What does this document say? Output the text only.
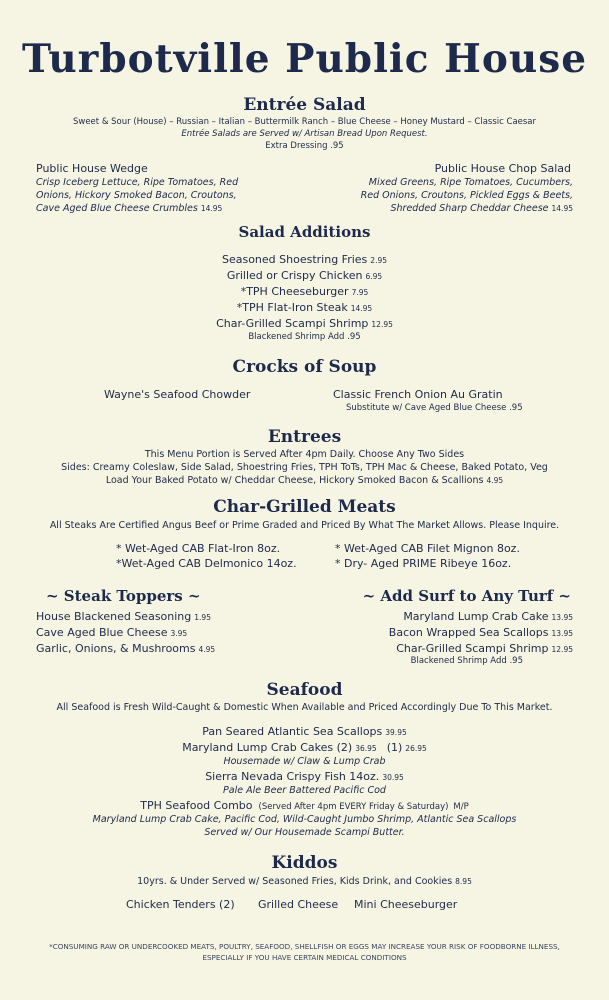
Turbotville Public House
Entrée Salad
Sweet & Sour (House) – Russian – Italian – Buttermilk Ranch – Blue Cheese – Honey Mustard – Classic Caesar
Entrée Salads are Served w/ Artisan Bread Upon Request.
Extra Dressing .95
Public House Wedge
Crisp Iceberg Lettuce, Ripe Tomatoes, Red
Onions, Hickory Smoked Bacon, Croutons,
Cave Aged Blue Cheese Crumbles 14.95
Public House Chop Salad
Mixed Greens, Ripe Tomatoes, Cucumbers,
Red Onions, Croutons, Pickled Eggs & Beets,
Shredded Sharp Cheddar Cheese 14.95
Salad Additions
Seasoned Shoestring Fries 2.95
Grilled or Crispy Chicken 6.95
*TPH Cheeseburger 7.95
*TPH Flat-Iron Steak 14.95
Char-Grilled Scampi Shrimp 12.95
Blackened Shrimp Add .95
Crocks of Soup
Wayne's Seafood Chowder	Classic French Onion Au Gratin
Substitute w/ Cave Aged Blue Cheese .95
Entrees
This Menu Portion is Served After 4pm Daily. Choose Any Two Sides
Sides: Creamy Coleslaw, Side Salad, Shoestring Fries, TPH ToTs, TPH Mac & Cheese, Baked Potato, Veg
Load Your Baked Potato w/ Cheddar Cheese, Hickory Smoked Bacon & Scallions 4.95
Char-Grilled Meats
All Steaks Are Certified Angus Beef or Prime Graded and Priced By What The Market Allows. Please Inquire.
* Wet-Aged CAB Flat-Iron 8oz.
*Wet-Aged CAB Delmonico 14oz.
* Wet-Aged CAB Filet Mignon 8oz.
* Dry- Aged PRIME Ribeye 16oz.
~ Steak Toppers ~
House Blackened Seasoning 1.95
Cave Aged Blue Cheese 3.95
Garlic, Onions, & Mushrooms 4.95
~ Add Surf to Any Turf ~
Maryland Lump Crab Cake 13.95
Bacon Wrapped Sea Scallops 13.95
Char-Grilled Scampi Shrimp 12.95
Blackened Shrimp Add .95
Seafood
All Seafood is Fresh Wild-Caught & Domestic When Available and Priced Accordingly Due To This Market.
Pan Seared Atlantic Sea Scallops 39.95
Maryland Lump Crab Cakes (2) 36.95 (1) 26.95
Housemade w/ Claw & Lump Crab
Sierra Nevada Crispy Fish 14oz. 30.95
Pale Ale Beer Battered Pacific Cod
TPH Seafood Combo (Served After 4pm EVERY Friday & Saturday) M/P
Maryland Lump Crab Cake, Pacific Cod, Wild-Caught Jumbo Shrimp, Atlantic Sea Scallops
Served w/ Our Housemade Scampi Butter.
Kiddos
10yrs. & Under Served w/ Seasoned Fries, Kids Drink, and Cookies 8.95
Chicken Tenders (2) Grilled Cheese Mini Cheeseburger
*CONSUMING RAW OR UNDERCOOKED MEATS, POULTRY, SEAFOOD, SHELLFISH OR EGGS MAY INCREASE YOUR RISK OF FOODBORNE ILLNESS,
ESPECIALLY IF YOU HAVE CERTAIN MEDICAL CONDITIONS
